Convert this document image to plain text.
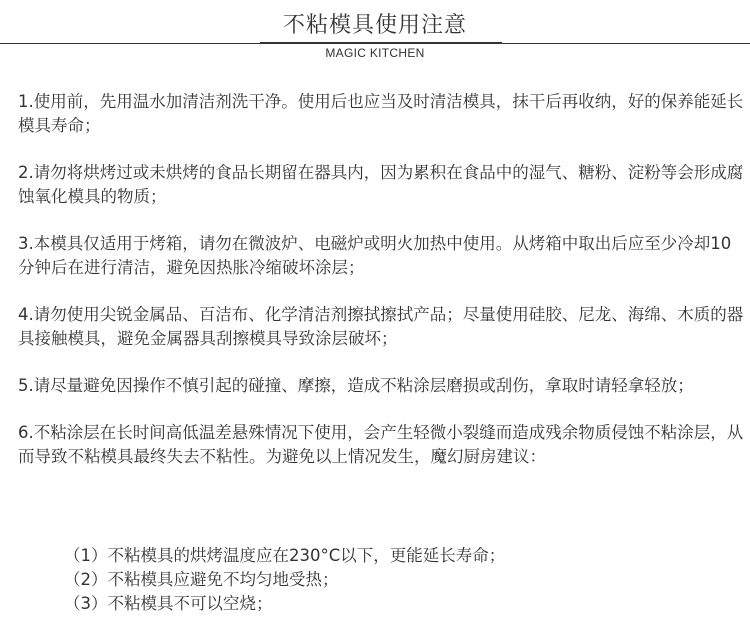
不粘模具使用注意
MAGIC KITCHEN

1.使用前，先用温水加清洁剂洗干净。使用后也应当及时清洁模具，抹干后再收纳，好的保养能延长模具寿命；

2.请勿将烘烤过或未烘烤的食品长期留在器具内，因为累积在食品中的湿气、糖粉、淀粉等会形成腐蚀氧化模具的物质；

3.本模具仅适用于烤箱，请勿在微波炉、电磁炉或明火加热中使用。从烤箱中取出后应至少冷却10分钟后在进行清洁，避免因热胀冷缩破坏涂层；

4.请勿使用尖锐金属品、百洁布、化学清洁剂擦拭擦拭产品；尽量使用硅胶、尼龙、海绵、木质的器具接触模具，避免金属器具刮擦模具导致涂层破坏；

5.请尽量避免因操作不慎引起的碰撞、摩擦，造成不粘涂层磨损或刮伤，拿取时请轻拿轻放；

6.不粘涂层在长时间高低温差悬殊情况下使用，会产生轻微小裂缝而造成残余物质侵蚀不粘涂层，从而导致不粘模具最终失去不粘性。为避免以上情况发生，魔幻厨房建议：

（1）不粘模具的烘烤温度应在230°C以下，更能延长寿命；

（2）不粘模具应避免不均匀地受热；

（3）不粘模具不可以空烧；
